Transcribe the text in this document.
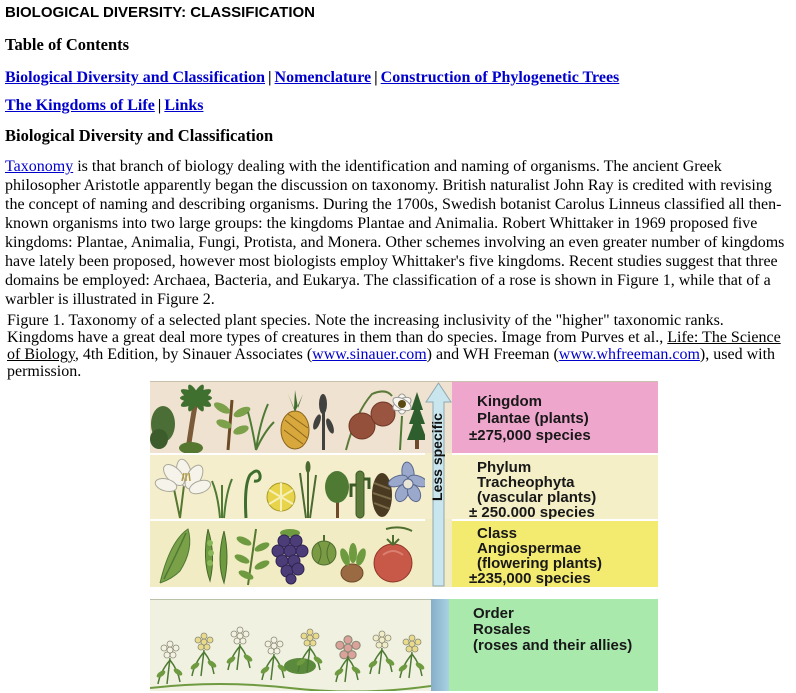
BIOLOGICAL DIVERSITY: CLASSIFICATION
Table of Contents

Biological Diversity and Classification | Nomenclature | Construction of Phylogenetic Trees

The Kingdoms of Life | Links

Biological Diversity and Classification

Taxonomy is that branch of biology dealing with the identification and naming of organisms. The ancient Greek philosopher Aristotle apparently began the discussion on taxonomy. British naturalist John Ray is credited with revising the concept of naming and describing organisms. During the 1700s, Swedish botanist Carolus Linneus classified all then-known organisms into two large groups: the kingdoms Plantae and Animalia. Robert Whittaker in 1969 proposed five kingdoms: Plantae, Animalia, Fungi, Protista, and Monera. Other schemes involving an even greater number of kingdoms have lately been proposed, however most biologists employ Whittaker's five kingdoms. Recent studies suggest that three domains be employed: Archaea, Bacteria, and Eukarya. The classification of a rose is shown in Figure 1, while that of a warbler is illustrated in Figure 2.

Figure 1. Taxonomy of a selected plant species. Note the increasing inclusivity of the "higher" taxonomic ranks. Kingdoms have a great deal more types of creatures in them than do species. Image from Purves et al., Life: The Science of Biology, 4th Edition, by Sinauer Associates (www.sinauer.com) and WH Freeman (www.whfreeman.com), used with permission.

Less specific
Kingdom
Plantae (plants)
±275,000 species
Phylum
Tracheophyta
(vascular plants)
± 250.000 species
Class
Angiospermae
(flowering plants)
±235,000 species
Order
Rosales
(roses and their allies)
